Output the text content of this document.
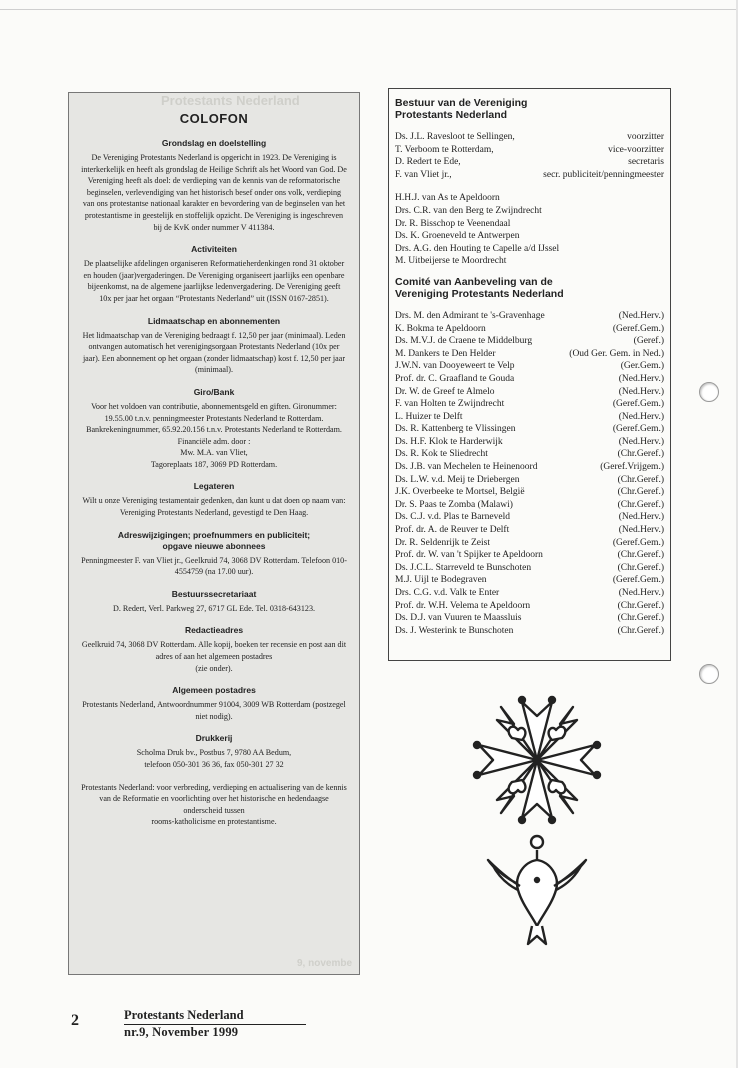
Protestants Nederland
9, novembe
COLOFON
Grondslag en doelstelling

De Vereniging Protestants Nederland is opgericht in 1923. De Vereniging is interkerkelijk en heeft als grondslag de Heilige Schrift als het Woord van God. De Vereniging heeft als doel: de verdieping van de kennis van de reformatorische beginselen, verlevendiging van het historisch besef onder ons volk, verdieping van ons protestantse nationaal karakter en bevordering van de beginselen van het protestantisme in geestelijk en stoffelijk opzicht. De Vereniging is ingeschreven bij de KvK onder nummer V 411384.

Activiteiten

De plaatselijke afdelingen organiseren Reformatieherdenkingen rond 31 oktober en houden (jaar)vergaderingen. De Vereniging organiseert jaarlijks een openbare bijeenkomst, na de algemene jaarlijkse ledenvergadering. De Vereniging geeft 10x per jaar het orgaan “Protestants Nederland” uit (ISSN 0167-2851).

Lidmaatschap en abonnementen

Het lidmaatschap van de Vereniging bedraagt f. 12,50 per jaar (minimaal). Leden ontvangen automatisch het verenigingsorgaan Protestants Nederland (10x per jaar). Een abonnement op het orgaan (zonder lidmaatschap) kost f. 12,50 per jaar (minimaal).

Giro/Bank

Voor het voldoen van contributie, abonnementsgeld en giften. Gironummer: 19.55.00 t.n.v. penningmeester Protestants Nederland te Rotterdam. Bankrekeningnummer, 65.92.20.156 t.n.v. Protestants Nederland te Rotterdam. Financiële adm. door :
Mw. M.A. van Vliet,
Tagoreplaats 187, 3069 PD Rotterdam.

Legateren

Wilt u onze Vereniging testamentair gedenken, dan kunt u dat doen op naam van: Vereniging Protestants Nederland, gevestigd te Den Haag.

Adreswijzigingen; proefnummers en publiciteit;
opgave nieuwe abonnees

Penningmeester F. van Vliet jr., Geelkruid 74, 3068 DV Rotterdam. Telefoon 010-4554759 (na 17.00 uur).

Bestuurssecretariaat

D. Redert, Verl. Parkweg 27, 6717 GL Ede. Tel. 0318-643123.

Redactieadres

Geelkruid 74, 3068 DV Rotterdam. Alle kopij, boeken ter recensie en post aan dit adres of aan het algemeen postadres
(zie onder).

Algemeen postadres

Protestants Nederland, Antwoordnummer 91004, 3009 WB Rotterdam (postzegel niet nodig).

Drukkerij

Scholma Druk bv., Postbus 7, 9780 AA Bedum,
telefoon 050-301 36 36, fax 050-301 27 32

Protestants Nederland: voor verbreding, verdieping en actualisering van de kennis van de Reformatie en voorlichting over het historische en hedendaagse onderscheid tussen
rooms-katholicisme en protestantisme.

Bestuur van de Vereniging
Protestants Nederland
Ds. J.L. Ravesloot te Sellingen,	voorzitter
T. Verboom te Rotterdam,	vice-voorzitter
D. Redert te Ede,	secretaris
F. van Vliet jr.,	secr. publiciteit/penningmeester
H.H.J. van As te Apeldoorn
Drs. C.R. van den Berg te Zwijndrecht
Dr. R. Bisschop te Veenendaal
Ds. K. Groeneveld te Antwerpen
Drs. A.G. den Houting te Capelle a/d IJssel
M. Uitbeijerse te Moordrecht
Comité van Aanbeveling van de
Vereniging Protestants Nederland
Drs. M. den Admirant te 's-Gravenhage	(Ned.Herv.)
K. Bokma te Apeldoorn	(Geref.Gem.)
Ds. M.V.J. de Craene te Middelburg	(Geref.)
M. Dankers te Den Helder	(Oud Ger. Gem. in Ned.)
J.W.N. van Dooyeweert te Velp	(Ger.Gem.)
Prof. dr. C. Graafland te Gouda	(Ned.Herv.)
Dr. W. de Greef te Almelo	(Ned.Herv.)
F. van Holten te Zwijndrecht	(Geref.Gem.)
L. Huizer te Delft	(Ned.Herv.)
Ds. R. Kattenberg te Vlissingen	(Geref.Gem.)
Ds. H.F. Klok te Harderwijk	(Ned.Herv.)
Ds. R. Kok te Sliedrecht	(Chr.Geref.)
Ds. J.B. van Mechelen te Heinenoord	(Geref.Vrijgem.)
Ds. L.W. v.d. Meij te Driebergen	(Chr.Geref.)
J.K. Overbeeke te Mortsel, België	(Chr.Geref.)
Dr. S. Paas te Zomba (Malawi)	(Chr.Geref.)
Ds. C.J. v.d. Plas te Barneveld	(Ned.Herv.)
Prof. dr. A. de Reuver te Delft	(Ned.Herv.)
Dr. R. Seldenrijk te Zeist	(Geref.Gem.)
Prof. dr. W. van 't Spijker te Apeldoorn	(Chr.Geref.)
Ds. J.C.L. Starreveld te Bunschoten	(Chr.Geref.)
M.J. Uijl te Bodegraven	(Geref.Gem.)
Drs. C.G. v.d. Valk te Enter	(Ned.Herv.)
Prof. dr. W.H. Velema te Apeldoorn	(Chr.Geref.)
Ds. D.J. van Vuuren te Maassluis	(Chr.Geref.)
Ds. J. Westerink te Bunschoten	(Chr.Geref.)
2	Protestants Nederland
nr.9, November 1999
